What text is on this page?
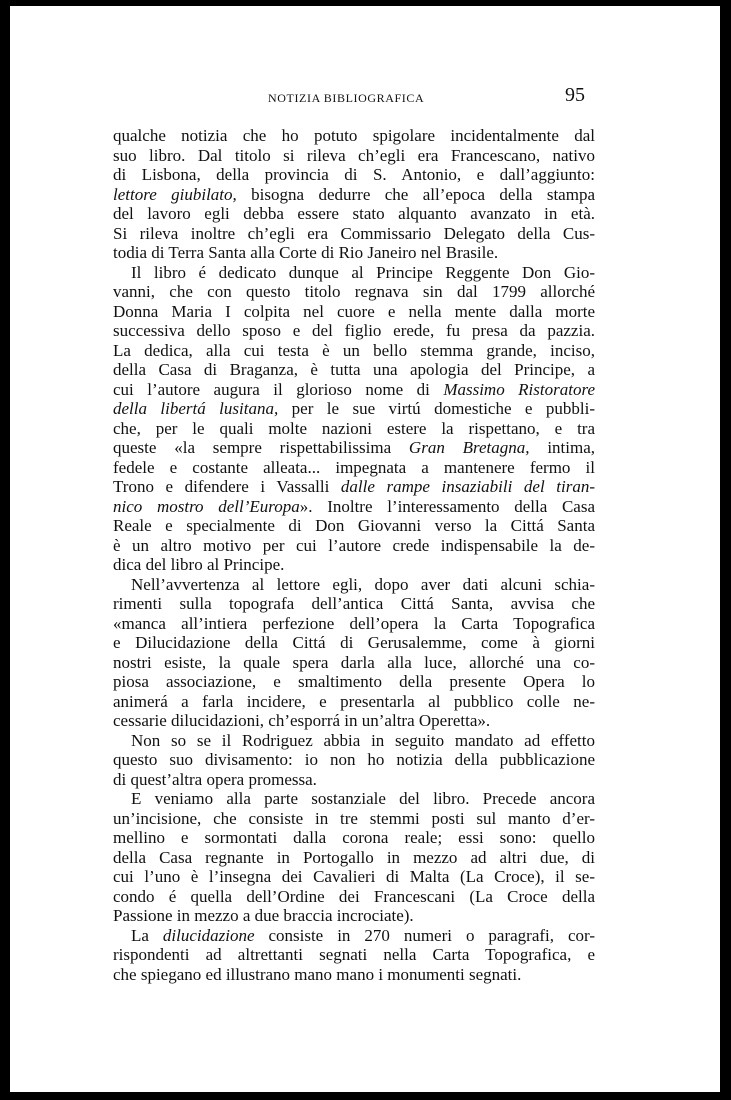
NOTIZIA BIBLIOGRAFICA	95
qualche notizia che ho potuto spigolare incidentalmente dal
suo libro. Dal titolo si rileva ch’egli era Francescano, nativo
di Lisbona, della provincia di S. Antonio, e dall’aggiunto:
lettore giubilato, bisogna dedurre che all’epoca della stampa
del lavoro egli debba essere stato alquanto avanzato in età.
Si rileva inoltre ch’egli era Commissario Delegato della Cus-
todia di Terra Santa alla Corte di Rio Janeiro nel Brasile.
Il libro é dedicato dunque al Principe Reggente Don Gio-
vanni, che con questo titolo regnava sin dal 1799 allorché
Donna Maria I colpita nel cuore e nella mente dalla morte
successiva dello sposo e del figlio erede, fu presa da pazzia.
La dedica, alla cui testa è un bello stemma grande, inciso,
della Casa di Braganza, è tutta una apologia del Principe, a
cui l’autore augura il glorioso nome di Massimo Ristoratore
della libertá lusitana, per le sue virtú domestiche e pubbli-
che, per le quali molte nazioni estere la rispettano, e tra
queste «la sempre rispettabilissima Gran Bretagna, intima,
fedele e costante alleata... impegnata a mantenere fermo il
Trono e difendere i Vassalli dalle rampe insaziabili del tiran-
nico mostro dell’Europa». Inoltre l’interessamento della Casa
Reale e specialmente di Don Giovanni verso la Cittá Santa
è un altro motivo per cui l’autore crede indispensabile la de-
dica del libro al Principe.
Nell’avvertenza al lettore egli, dopo aver dati alcuni schia-
rimenti sulla topografa dell’antica Cittá Santa, avvisa che
«manca all’intiera perfezione dell’opera la Carta Topografica
e Dilucidazione della Cittá di Gerusalemme, come à giorni
nostri esiste, la quale spera darla alla luce, allorché una co-
piosa associazione, e smaltimento della presente Opera lo
animerá a farla incidere, e presentarla al pubblico colle ne-
cessarie dilucidazioni, ch’esporrá in un’altra Operetta».
Non so se il Rodriguez abbia in seguito mandato ad effetto
questo suo divisamento: io non ho notizia della pubblicazione
di quest’altra opera promessa.
E veniamo alla parte sostanziale del libro. Precede ancora
un’incisione, che consiste in tre stemmi posti sul manto d’er-
mellino e sormontati dalla corona reale; essi sono: quello
della Casa regnante in Portogallo in mezzo ad altri due, di
cui l’uno è l’insegna dei Cavalieri di Malta (La Croce), il se-
condo é quella dell’Ordine dei Francescani (La Croce della
Passione in mezzo a due braccia incrociate).
La dilucidazione consiste in 270 numeri o paragrafi, cor-
rispondenti ad altrettanti segnati nella Carta Topografica, e
che spiegano ed illustrano mano mano i monumenti segnati.
